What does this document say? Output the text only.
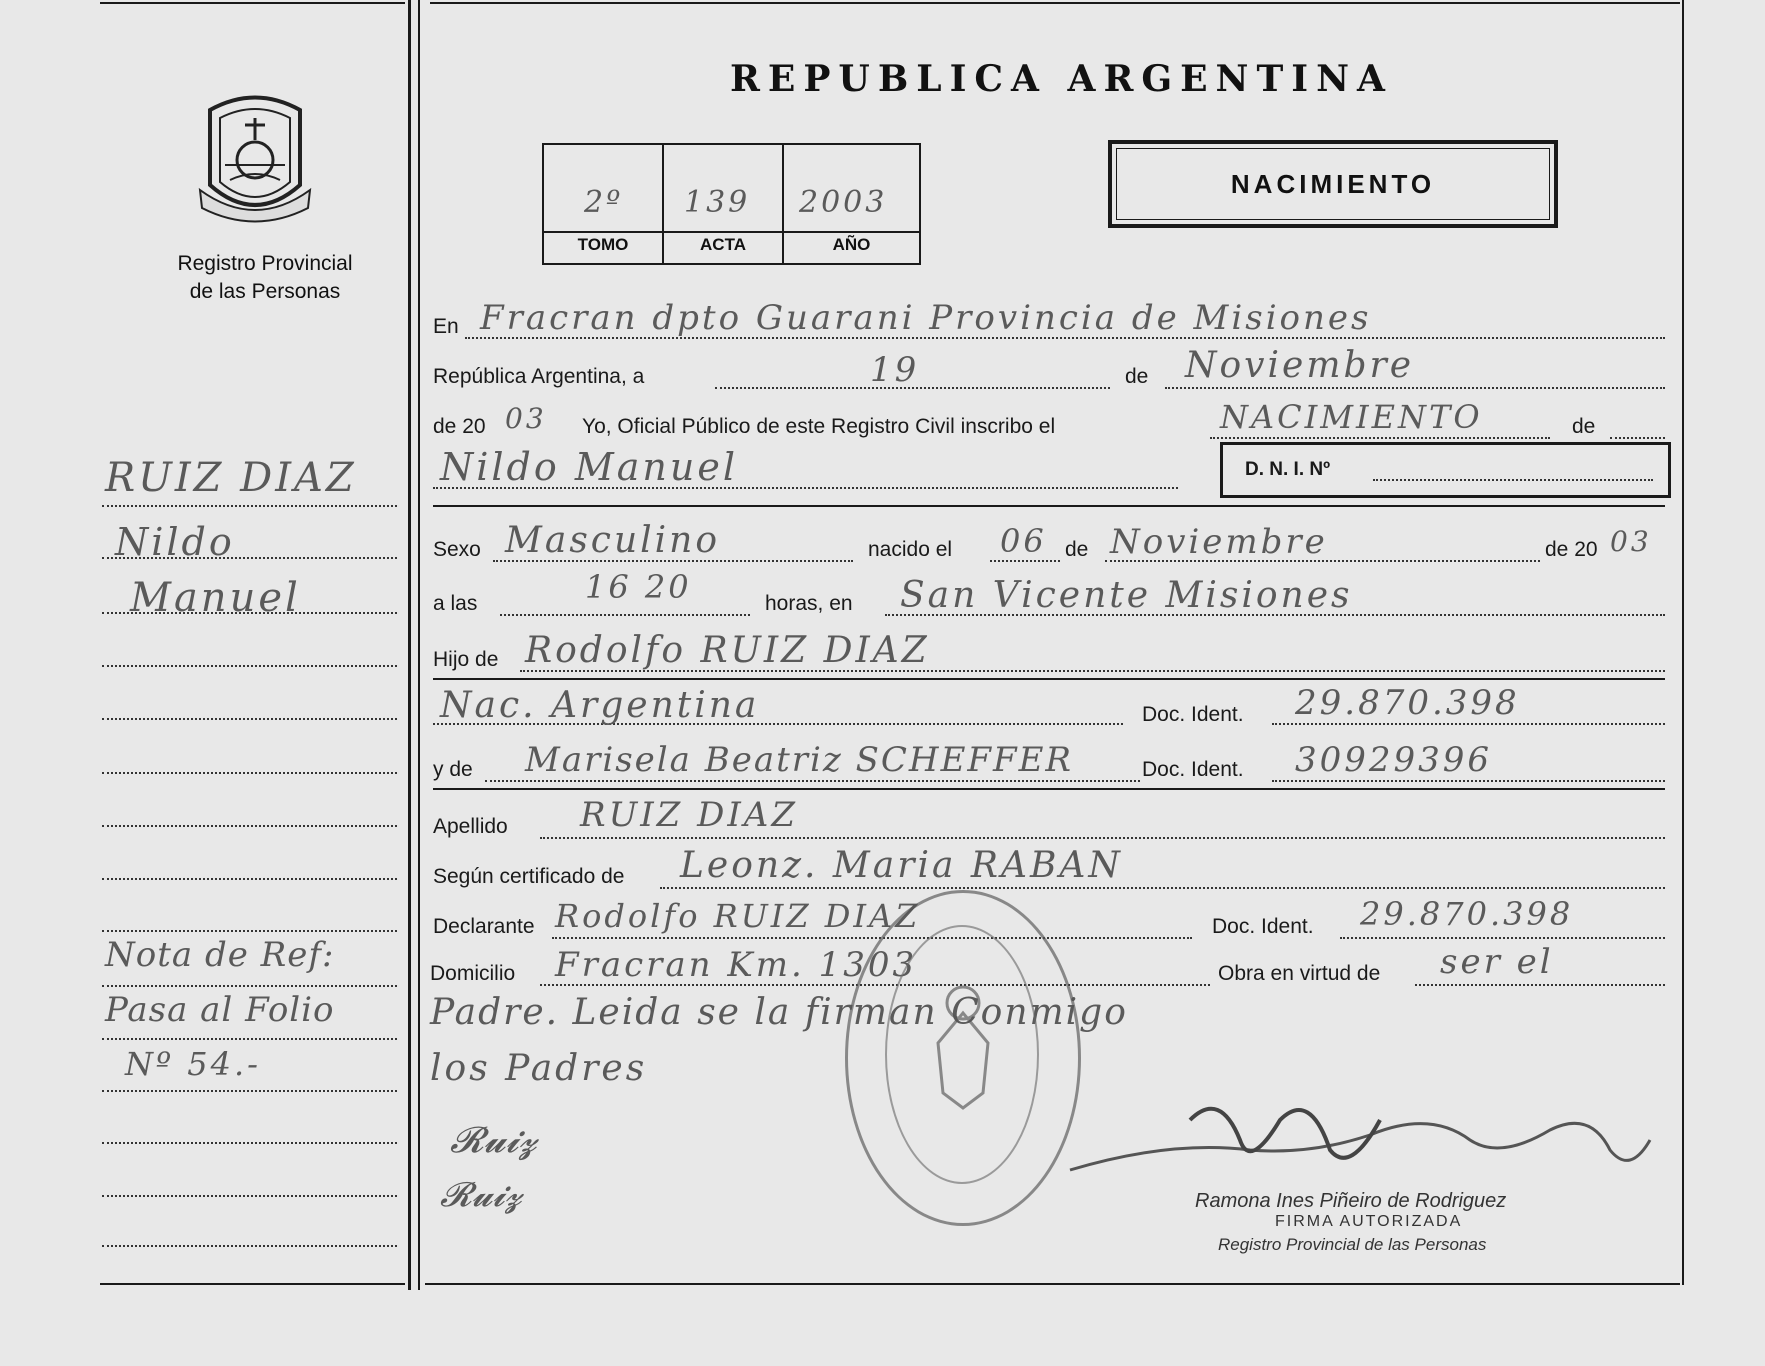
Registro Provincial
de las Personas
REPUBLICA ARGENTINA
2º 139 2003
TOMO	ACTA	AÑO
NACIMIENTO
RUIZ DIAZ
Nildo
Manuel
Nota de Ref:
Pasa al Folio
Nº 54.-
En Fracran dpto Guarani Provincia de Misiones
República Argentina, a	19	de Noviembre
de 20 03 Yo, Oficial Público de este Registro Civil inscribo el	NACIMIENTO	de
Nildo Manuel	D. N. I. Nº
Sexo Masculino	nacido el 06 de Noviembre	de 20 03
a las	16 20	horas, en San Vicente Misiones
Hijo de Rodolfo RUIZ DIAZ
Nac. Argentina	Doc. Ident. 29.870.398
y de Marisela Beatriz SCHEFFER	Doc. Ident. 30929396
Apellido RUIZ DIAZ
Según certificado de Leonz. Maria RABAN
Declarante Rodolfo RUIZ DIAZ	Doc. Ident. 29.870.398
Domicilio Fracran Km. 1303	Obra en virtud de ser el
Padre. Leida se la firman Conmigo
los Padres
𝓡𝓾𝓲𝔃
𝓡𝓾𝓲𝔃	Ramona Ines Piñeiro de Rodriguez
FIRMA AUTORIZADA
Registro Provincial de las Personas
